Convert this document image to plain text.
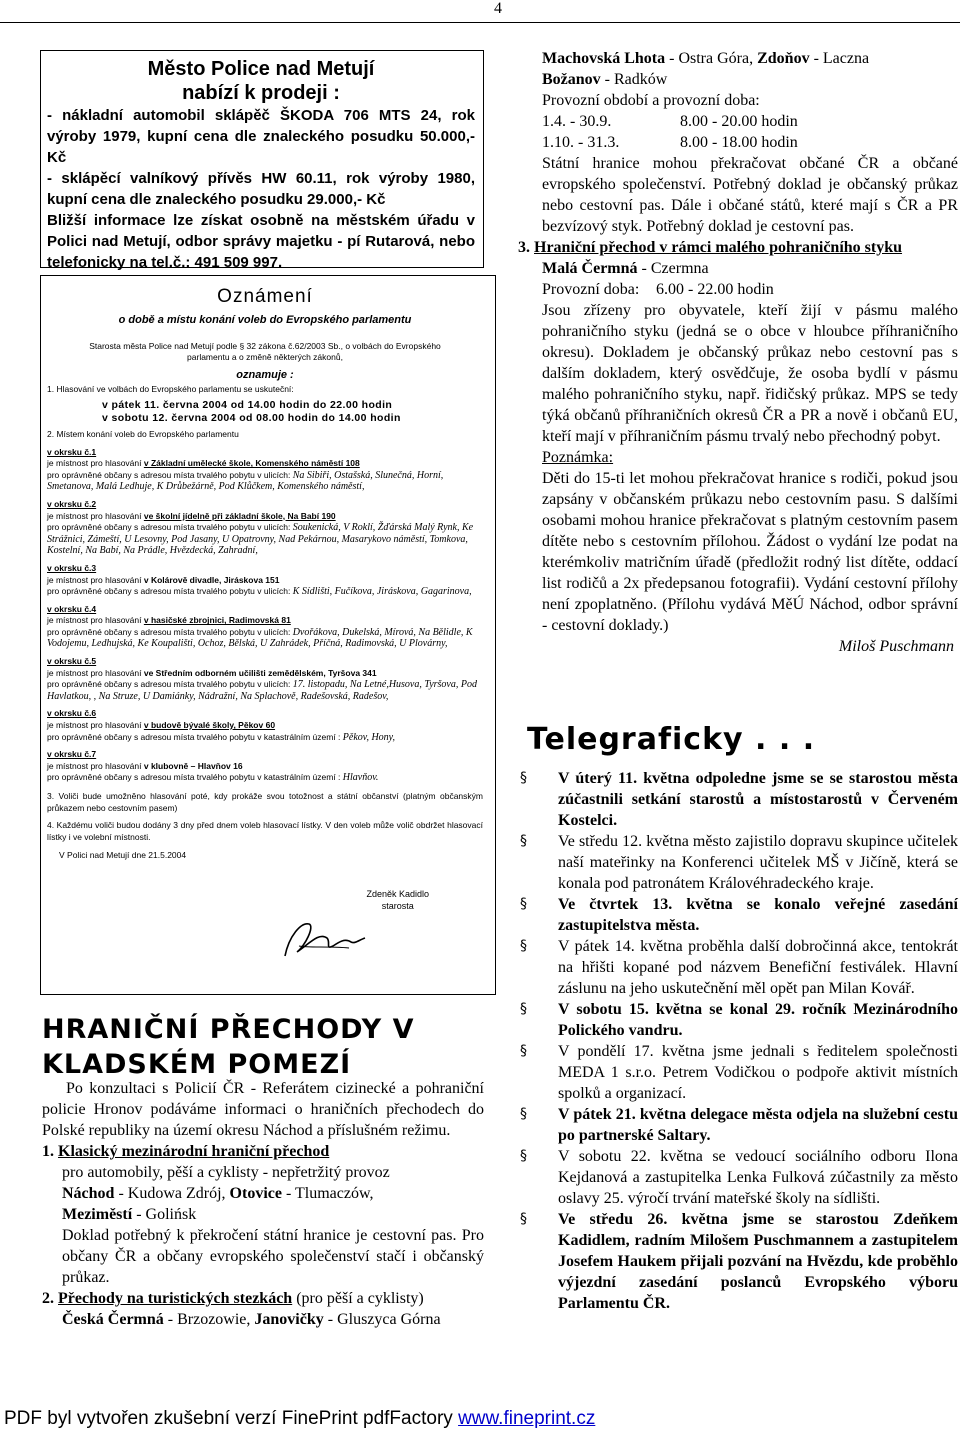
4
Město Police nad Metují
nabízí k prodeji :
- nákladní automobil sklápěč ŠKODA 706 MTS 24, rok výroby 1979, kupní cena dle znaleckého posudku 50.000,- Kč
- sklápěcí valníkový přívěs HW 60.11, rok výroby 1980, kupní cena dle znaleckého posudku 29.000,- Kč
Bližší informace lze získat osobně na městském úřadu v Polici nad Metují, odbor správy majetku - pí Rutarová, nebo telefonicky na tel.č.: 491 509 997.
Oznámení
o době a místu konání voleb do Evropského parlamentu
Starosta města Police nad Metují podle § 32 zákona č.62/2003 Sb., o volbách do Evropského parlamentu a o změně některých zákonů,
oznamuje :
1. Hlasování ve volbách do Evropského parlamentu se uskuteční:
v pátek 11. června 2004 od 14.00 hodin do 22.00 hodin
v sobotu 12. června 2004 od 08.00 hodin do 14.00 hodin
2. Místem konání voleb do Evropského parlamentu
v okrsku č.1
je místnost pro hlasování v Základní umělecké škole, Komenského náměstí 108
pro oprávněné občany s adresou místa trvalého pobytu v ulicích: Na Sibiři, Ostašská, Slunečná, Horní, Smetanova, Malá Ledhuje, K Drůbežárně, Pod Klůčkem, Komenského náměstí,
v okrsku č.2
je místnost pro hlasování ve školní jídelně při základní škole, Na Babí 190
pro oprávněné občany s adresou místa trvalého pobytu v ulicích: Soukenická, V Roklí, Žďárská Malý Rynk, Ke Strážnici, Zámeští, U Lesovny, Pod Jasany, U Opatrovny, Nad Pekárnou, Masarykovo náměstí, Tomkova, Kostelní, Na Babí, Na Prádle, Hvězdecká, Zahradní,
v okrsku č.3
je místnost pro hlasování v Kolárově divadle, Jiráskova 151
pro oprávněné občany s adresou místa trvalého pobytu v ulicích: K Sídlišti, Fučíkova, Jiráskova, Gagarinova,
v okrsku č.4
je místnost pro hlasování v hasičské zbrojnici, Radimovská 81
pro oprávněné občany s adresou místa trvalého pobytu v ulicích: Dvořákova, Dukelská, Mírová, Na Bělidle, K Vodojemu, Ledhujská, Ke Koupališti, Ochoz, Bělská, U Zahrádek, Příčná, Radimovská, U Plovárny,
v okrsku č.5
je místnost pro hlasování ve Středním odborném učilišti zemědělském, Tyršova 341
pro oprávněné občany s adresou místa trvalého pobytu v ulicích: 17. listopadu, Na Letné,Husova, Tyršova, Pod Havlatkou, , Na Struze, U Damiánky, Nádražní, Na Splachově, Radešovská, Radešov,
v okrsku č.6
je místnost pro hlasování v budově bývalé školy, Pěkov 60
pro oprávněné občany s adresou místa trvalého pobytu v katastrálním území : Pěkov, Hony,
v okrsku č.7
je místnost pro hlasování v klubovně – Hlavňov 16
pro oprávněné občany s adresou místa trvalého pobytu v katastrálním území : Hlavňov.
3. Voliči bude umožněno hlasování poté, kdy prokáže svou totožnost a státní občanství (platným občanským průkazem nebo cestovním pasem)
4. Každému voliči budou dodány 3 dny před dnem voleb hlasovací lístky. V den voleb může volič obdržet hlasovací lístky i ve volební místnosti.
V Polici nad Metují dne 21.5.2004
Zdeněk Kadidlo
starosta
HRANIČNÍ PŘECHODY V
KLADSKÉM POMEZÍ
Po konzultaci s Policií ČR - Referátem cizinecké a pohraniční policie Hronov podáváme informaci o hraničních přechodech do Polské republiky na území okresu Náchod a příslušném režimu.
1. Klasický mezinárodní hraniční přechod
pro automobily, pěší a cyklisty - nepřetržitý provoz
Náchod - Kudowa Zdrój, Otovice - Tlumaczów,
Meziměstí - Golińsk
Doklad potřebný k překročení státní hranice je cestovní pas. Pro občany ČR a občany evropského společenství stačí i občanský průkaz.
2. Přechody na turistických stezkách (pro pěší a cyklisty)
Česká Čermná - Brzozowie, Janovičky - Gluszyca Górna
Machovská Lhota - Ostra Góra, Zdoňov - Laczna
Božanov - Radków
Provozní období a provozní doba:
1.4. - 30.9.	8.00 - 20.00 hodin
1.10. - 31.3.	8.00 - 18.00 hodin
Státní hranice mohou překračovat občané ČR a občané evropského společenství. Potřebný doklad je občanský průkaz nebo cestovní pas. Dále i občané států, které mají s ČR a PR bezvízový styk. Potřebný doklad je cestovní pas.
3. Hraniční přechod v rámci malého pohraničního styku
Malá Čermná - Czermna
Provozní doba: 6.00 - 22.00 hodin
Jsou zřízeny pro obyvatele, kteří žijí v pásmu malého pohraničního styku (jedná se o obce v hloubce příhraničního okresu). Dokladem je občanský průkaz nebo cestovní pas s dalším dokladem, který osvědčuje, že osoba bydlí v pásmu malého pohraničního styku, např. řidičský průkaz. MPS se tedy týká občanů příhraničních okresů ČR a PR a nově i občanů EU, kteří mají v příhraničním pásmu trvalý nebo přechodný pobyt.
Poznámka:
Děti do 15-ti let mohou překračovat hranice s rodiči, pokud jsou zapsány v občanském průkazu nebo cestovním pasu. S dalšími osobami mohou hranice překračovat s platným cestovním pasem dítěte nebo s cestovním přílohou. Žádost o vydání lze podat na kterémkoliv matričním úřadě (předložit rodný list dítěte, oddací list rodičů a 2x předepsanou fotografii). Vydání cestovní přílohy není zpoplatněno. (Přílohu vydává MěÚ Náchod, odbor správní - cestovní doklady.)
Miloš Puschmann
Telegraficky . . .
§ V úterý 11. května odpoledne jsme se se starostou města zúčastnili setkání starostů a místostarostů v Červeném Kostelci.
§ Ve středu 12. května město zajistilo dopravu skupince učitelek naší mateřinky na Konferenci učitelek MŠ v Jičíně, která se konala pod patronátem Královéhradeckého kraje.
§ Ve čtvrtek 13. května se konalo veřejné zasedání zastupitelstva města.
§ V pátek 14. května proběhla další dobročinná akce, tentokrát na hřišti kopané pod názvem Benefiční festiválek. Hlavní záslunu na jeho uskutečnění měl opět pan Milan Kovář.
§ V sobotu 15. května se konal 29. ročník Mezinárodního Polického vandru.
§ V pondělí 17. května jsme jednali s ředitelem společnosti MEDA 1 s.r.o. Petrem Vodičkou o podpoře aktivit místních spolků a organizací.
§ V pátek 21. května delegace města odjela na služební cestu po partnerské Saltary.
§ V sobotu 22. května se vedoucí sociálního odboru Ilona Kejdanová a zastupitelka Lenka Fulková zúčastnily za město oslavy 25. výročí trvání mateřské školy na sídlišti.
§ Ve středu 26. května jsme se starostou Zdeňkem Kadidlem, radním Milošem Puschmannem a zastupitelem Josefem Haukem přijali pozvání na Hvězdu, kde proběhlo výjezdní zasedání poslanců Evropského výboru Parlamentu ČR.
PDF byl vytvořen zkušební verzí FinePrint pdfFactory www.fineprint.cz
